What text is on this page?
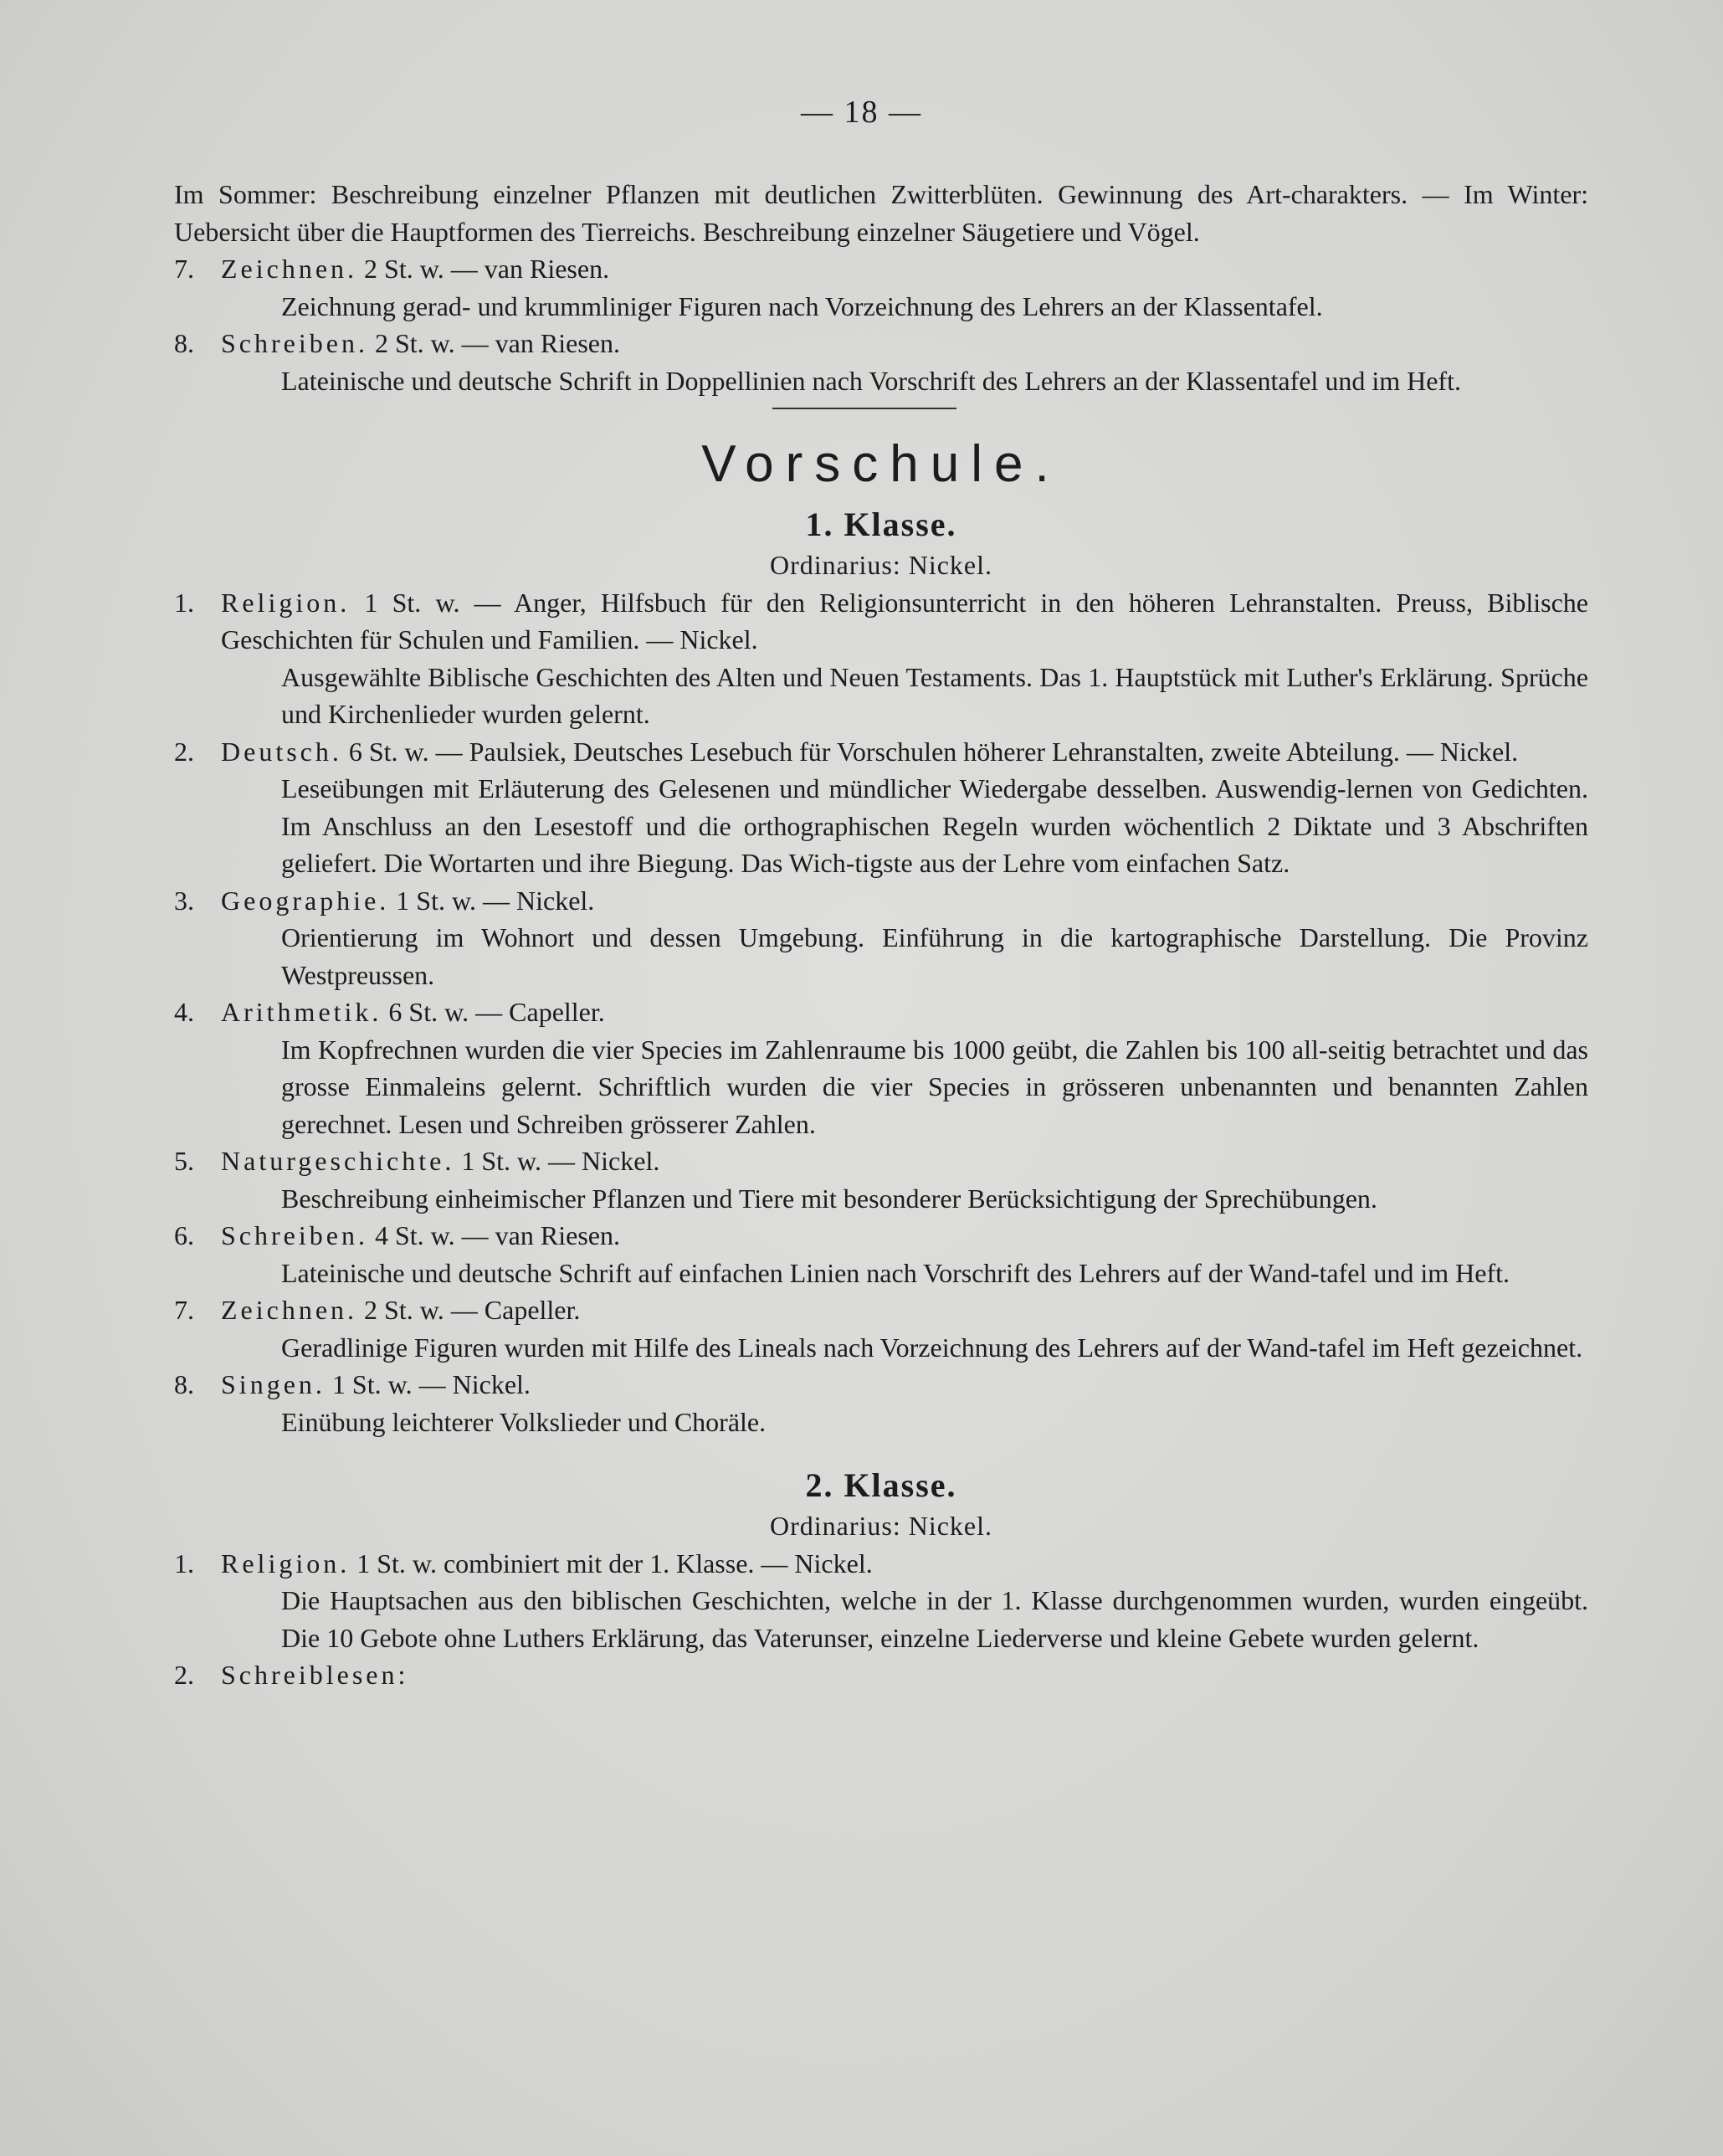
— 18 —

Im Sommer: Beschreibung einzelner Pflanzen mit deutlichen Zwitterblüten. Gewinnung des Art-charakters. — Im Winter: Uebersicht über die Hauptformen des Tierreichs. Beschreibung einzelner Säugetiere und Vögel.

7.	Zeichnen. 2 St. w. — van Riesen.

Zeichnung gerad- und krummliniger Figuren nach Vorzeichnung des Lehrers an der Klassentafel.

8.	Schreiben. 2 St. w. — van Riesen.

Lateinische und deutsche Schrift in Doppellinien nach Vorschrift des Lehrers an der Klassentafel und im Heft.

Vorschule.
1. Klasse.

Ordinarius: Nickel.

1.	Religion. 1 St. w. — Anger, Hilfsbuch für den Religionsunterricht in den höheren Lehranstalten. Preuss, Biblische Geschichten für Schulen und Familien. — Nickel.

Ausgewählte Biblische Geschichten des Alten und Neuen Testaments. Das 1. Hauptstück mit Luther's Erklärung. Sprüche und Kirchenlieder wurden gelernt.

2.	Deutsch. 6 St. w. — Paulsiek, Deutsches Lesebuch für Vorschulen höherer Lehranstalten, zweite Abteilung. — Nickel.

Leseübungen mit Erläuterung des Gelesenen und mündlicher Wiedergabe desselben. Auswendig-lernen von Gedichten. Im Anschluss an den Lesestoff und die orthographischen Regeln wurden wöchentlich 2 Diktate und 3 Abschriften geliefert. Die Wortarten und ihre Biegung. Das Wich-tigste aus der Lehre vom einfachen Satz.

3.	Geographie. 1 St. w. — Nickel.

Orientierung im Wohnort und dessen Umgebung. Einführung in die kartographische Darstellung. Die Provinz Westpreussen.

4.	Arithmetik. 6 St. w. — Capeller.

Im Kopfrechnen wurden die vier Species im Zahlenraume bis 1000 geübt, die Zahlen bis 100 all-seitig betrachtet und das grosse Einmaleins gelernt. Schriftlich wurden die vier Species in grösseren unbenannten und benannten Zahlen gerechnet. Lesen und Schreiben grösserer Zahlen.

5.	Naturgeschichte. 1 St. w. — Nickel.

Beschreibung einheimischer Pflanzen und Tiere mit besonderer Berücksichtigung der Sprechübungen.

6.	Schreiben. 4 St. w. — van Riesen.

Lateinische und deutsche Schrift auf einfachen Linien nach Vorschrift des Lehrers auf der Wand-tafel und im Heft.

7.	Zeichnen. 2 St. w. — Capeller.

Geradlinige Figuren wurden mit Hilfe des Lineals nach Vorzeichnung des Lehrers auf der Wand-tafel im Heft gezeichnet.

8.	Singen. 1 St. w. — Nickel.

Einübung leichterer Volkslieder und Choräle.

2. Klasse.

Ordinarius: Nickel.

1.	Religion. 1 St. w. combiniert mit der 1. Klasse. — Nickel.

Die Hauptsachen aus den biblischen Geschichten, welche in der 1. Klasse durchgenommen wurden, wurden eingeübt. Die 10 Gebote ohne Luthers Erklärung, das Vaterunser, einzelne Liederverse und kleine Gebete wurden gelernt.

2.	Schreiblesen:
